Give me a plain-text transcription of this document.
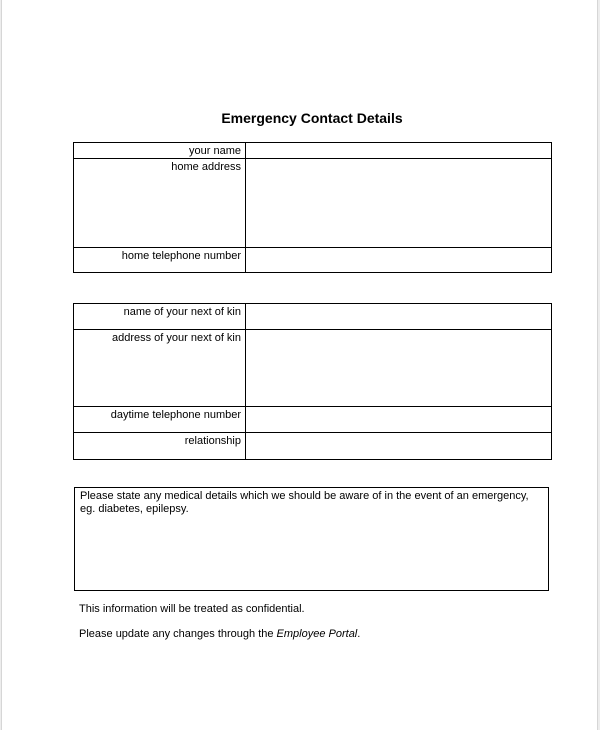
Emergency Contact Details
your name	
home address	
home telephone number	
name of your next of kin	
address of your next of kin	
daytime telephone number	
relationship	
Please state any medical details which we should be aware of in the event of an emergency,
eg. diabetes, epilepsy.
This information will be treated as confidential.
Please update any changes through the Employee Portal.
